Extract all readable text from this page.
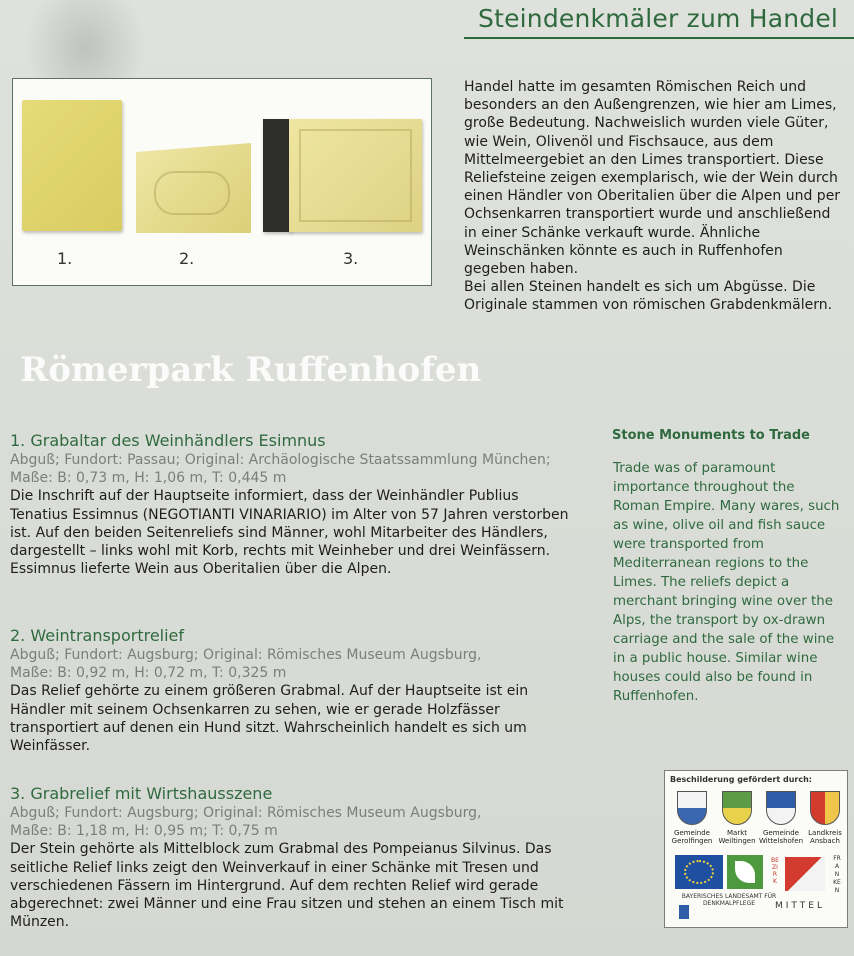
Steindenkmäler zum Handel
1.	2.	3.

Handel hatte im gesamten Römischen Reich und besonders an den Außengrenzen, wie hier am Limes, große Bedeutung. Nachweislich wurden viele Güter, wie Wein, Olivenöl und Fischsauce, aus dem Mittelmeergebiet an den Limes transportiert. Diese Reliefsteine zeigen exemplarisch, wie der Wein durch einen Händler von Oberitalien über die Alpen und per Ochsenkarren transportiert wurde und anschließend in einer Schänke verkauft wurde. Ähnliche Weinschänken könnte es auch in Ruffenhofen gegeben haben.

Bei allen Steinen handelt es sich um Abgüsse. Die Originale stammen von römischen Grabdenkmälern.

Römerpark Ruffenhofen
1. Grabaltar des Weinhändlers Esimnus
Abguß; Fundort: Passau; Original: Archäologische Staatssammlung München;
Maße: B: 0,73 m, H: 1,06 m, T: 0,445 m

Die Inschrift auf der Hauptseite informiert, dass der Weinhändler Publius Tenatius Essimnus (NEGOTIANTI VINARIARIO) im Alter von 57 Jahren verstorben ist. Auf den beiden Seitenreliefs sind Männer, wohl Mitarbeiter des Händlers, dargestellt – links wohl mit Korb, rechts mit Weinheber und drei Weinfässern. Essimnus lieferte Wein aus Oberitalien über die Alpen.

2. Weintransportrelief
Abguß; Fundort: Augsburg; Original: Römisches Museum Augsburg,
Maße: B: 0,92 m, H: 0,72 m, T: 0,325 m

Das Relief gehörte zu einem größeren Grabmal. Auf der Hauptseite ist ein Händler mit seinem Ochsenkarren zu sehen, wie er gerade Holzfässer transportiert auf denen ein Hund sitzt. Wahrscheinlich handelt es sich um Weinfässer.

3. Grabrelief mit Wirtshausszene
Abguß; Fundort: Augsburg; Original: Römisches Museum Augsburg,
Maße: B: 1,18 m, H: 0,95 m; T: 0,75 m

Der Stein gehörte als Mittelblock zum Grabmal des Pompeianus Silvinus. Das seitliche Relief links zeigt den Weinverkauf in einer Schänke mit Tresen und verschiedenen Fässern im Hintergrund. Auf dem rechten Relief wird gerade abgerechnet: zwei Männer und eine Frau sitzen und stehen an einem Tisch mit Münzen.

Stone Monuments to Trade

Trade was of paramount importance throughout the Roman Empire. Many wares, such as wine, olive oil and fish sauce were transported from Mediterranean regions to the Limes. The reliefs depict a merchant bringing wine over the Alps, the transport by ox-drawn carriage and the sale of the wine in a public house. Similar wine houses could also be found in Ruffenhofen.

Beschilderung gefördert durch:
Gemeinde
Gerolfingen
Markt
Weiltingen
Gemeinde
Wittelshofen
Landkreis
Ansbach
BAYERISCHES LANDESAMT FÜR DENKMALPFLEGE
BEZIRK
MITTEL
FRANKEN
